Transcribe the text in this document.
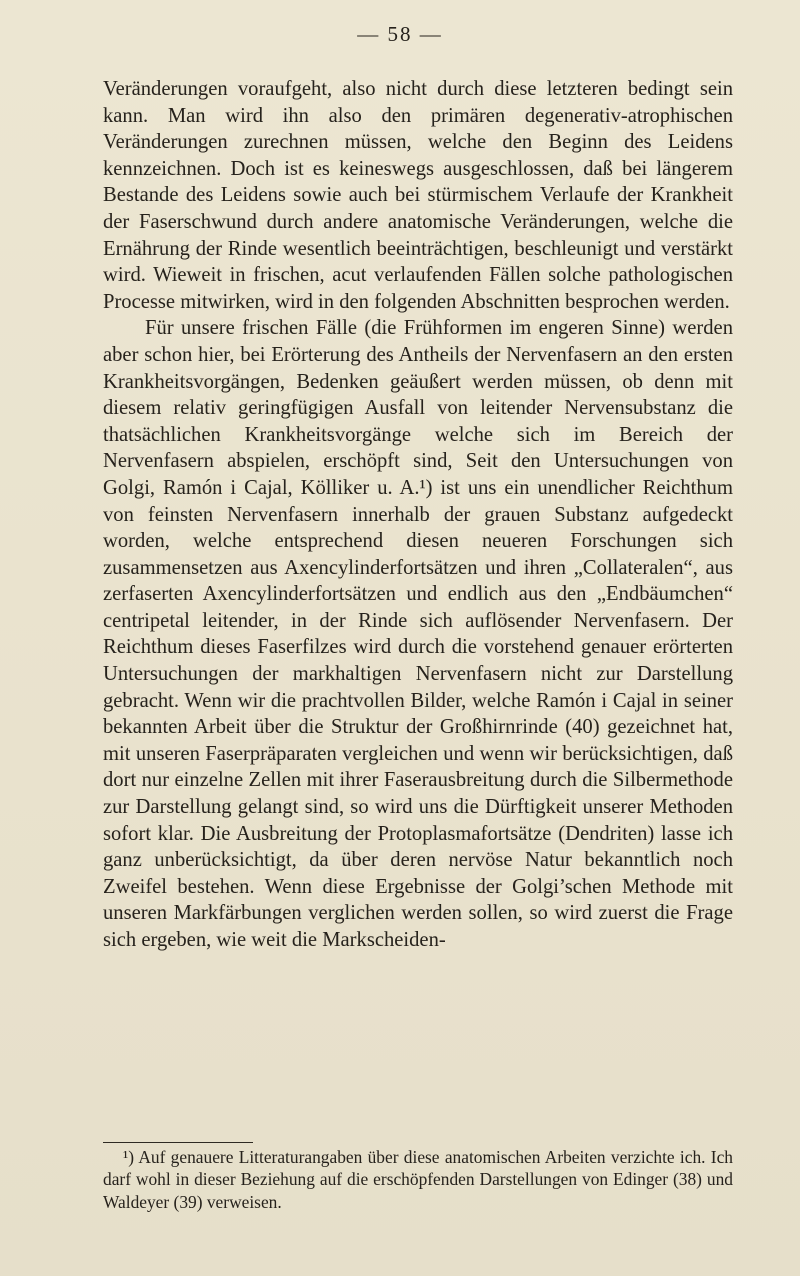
— 58 —

Veränderungen voraufgeht, also nicht durch diese letzteren bedingt sein kann. Man wird ihn also den primären degenerativ-atrophischen Veränderungen zurechnen müssen, welche den Beginn des Leidens kennzeichnen. Doch ist es keineswegs ausgeschlossen, daß bei längerem Bestande des Leidens sowie auch bei stürmischem Verlaufe der Krankheit der Faserschwund durch andere anatomische Veränderungen, welche die Ernährung der Rinde wesentlich beeinträchtigen, beschleunigt und verstärkt wird. Wieweit in frischen, acut verlaufenden Fällen solche pathologischen Processe mitwirken, wird in den folgenden Abschnitten besprochen werden.

Für unsere frischen Fälle (die Frühformen im engeren Sinne) werden aber schon hier, bei Erörterung des Antheils der Nervenfasern an den ersten Krankheitsvorgängen, Bedenken geäußert werden müssen, ob denn mit diesem relativ geringfügigen Ausfall von leitender Nervensubstanz die thatsächlichen Krankheitsvorgänge welche sich im Bereich der Nervenfasern abspielen, erschöpft sind, Seit den Untersuchungen von Golgi, Ramón i Cajal, Kölliker u. A.¹) ist uns ein unendlicher Reichthum von feinsten Nervenfasern innerhalb der grauen Substanz aufgedeckt worden, welche entsprechend diesen neueren Forschungen sich zusammensetzen aus Axencylinderfortsätzen und ihren „Collateralen“, aus zerfaserten Axencylinderfortsätzen und endlich aus den „Endbäumchen“ centripetal leitender, in der Rinde sich auflösender Nervenfasern. Der Reichthum dieses Faserfilzes wird durch die vorstehend genauer erörterten Untersuchungen der markhaltigen Nervenfasern nicht zur Darstellung gebracht. Wenn wir die prachtvollen Bilder, welche Ramón i Cajal in seiner bekannten Arbeit über die Struktur der Großhirnrinde (40) gezeichnet hat, mit unseren Faserpräparaten vergleichen und wenn wir berücksichtigen, daß dort nur einzelne Zellen mit ihrer Faserausbreitung durch die Silbermethode zur Darstellung gelangt sind, so wird uns die Dürftigkeit unserer Methoden sofort klar. Die Ausbreitung der Protoplasmafortsätze (Dendriten) lasse ich ganz unberücksichtigt, da über deren nervöse Natur bekanntlich noch Zweifel bestehen. Wenn diese Ergebnisse der Golgi’schen Methode mit unseren Markfärbungen verglichen werden sollen, so wird zuerst die Frage sich ergeben, wie weit die Markscheiden-

¹) Auf genauere Litteraturangaben über diese anatomischen Arbeiten verzichte ich. Ich darf wohl in dieser Beziehung auf die erschöpfenden Darstellungen von Edinger (38) und Waldeyer (39) verweisen.
